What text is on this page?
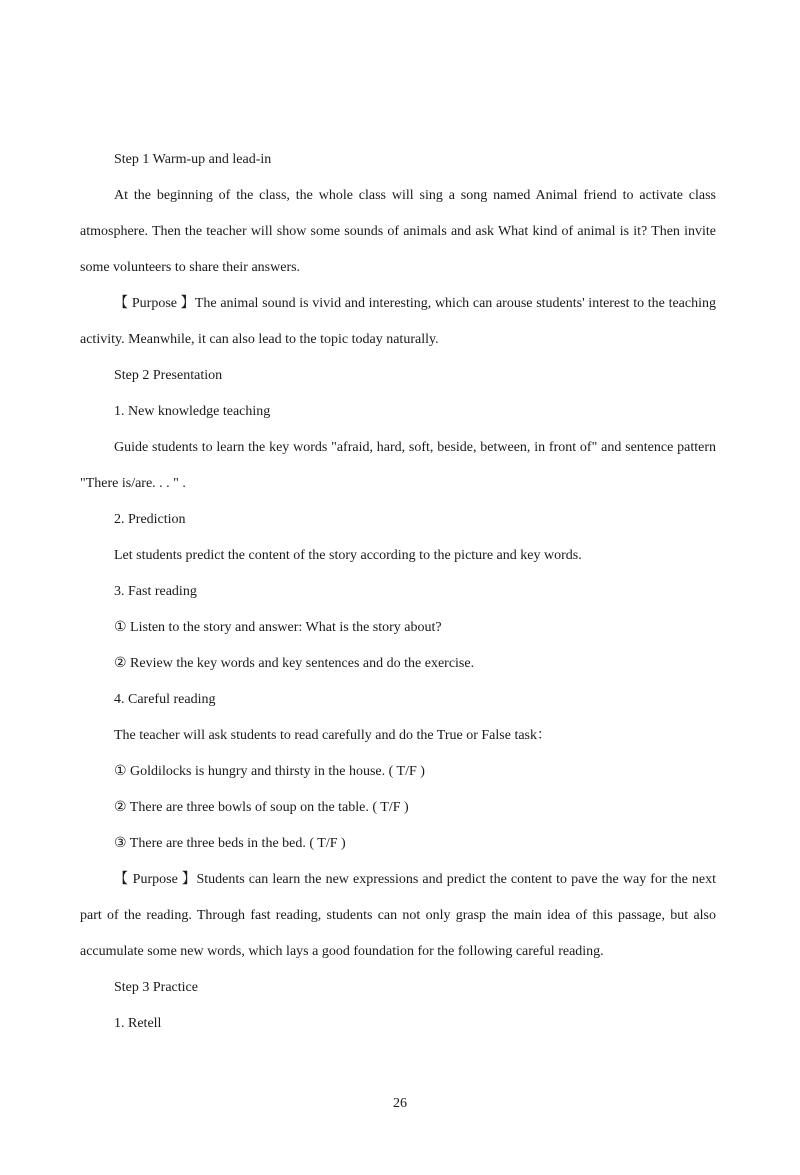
Step 1 Warm-up and lead-in
At the beginning of the class, the whole class will sing a song named Animal friend to activate class atmosphere. Then the teacher will show some sounds of animals and ask What kind of animal is it? Then invite some volunteers to share their answers.
【 Purpose 】The animal sound is vivid and interesting, which can arouse students' interest to the teaching activity. Meanwhile, it can also lead to the topic today naturally.
Step 2 Presentation
1. New knowledge teaching
Guide students to learn the key words "afraid, hard, soft, beside, between, in front of" and sentence pattern "There is/are. . . " .
2. Prediction
Let students predict the content of the story according to the picture and key words.
3. Fast reading
① Listen to the story and answer: What is the story about?
② Review the key words and key sentences and do the exercise.
4. Careful reading
The teacher will ask students to read carefully and do the True or False task：
① Goldilocks is hungry and thirsty in the house. ( T/F )
② There are three bowls of soup on the table. ( T/F )
③ There are three beds in the bed. ( T/F )
【 Purpose 】Students can learn the new expressions and predict the content to pave the way for the next part of the reading. Through fast reading, students can not only grasp the main idea of this passage, but also accumulate some new words, which lays a good foundation for the following careful reading.
Step 3 Practice
1. Retell
26
